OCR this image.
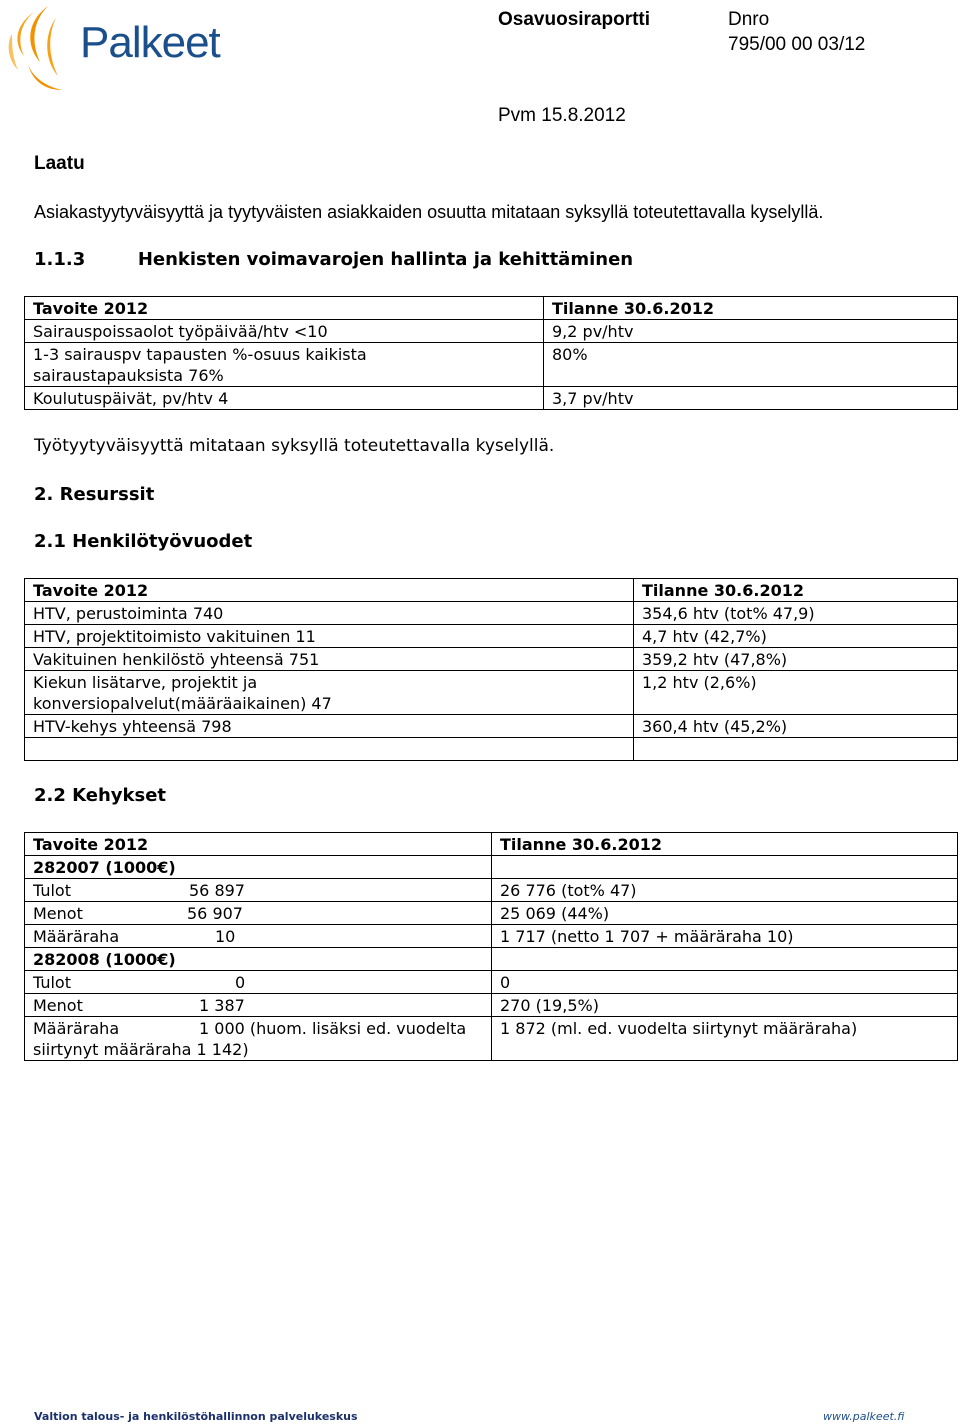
Palkeet	Osavuosiraportti	Dnro
795/00 00 03/12
Pvm 15.8.2012
Laatu
Asiakastyytyväisyyttä ja tyytyväisten asiakkaiden osuutta mitataan syksyllä toteutettavalla kyselyllä.
1.1.3	Henkisten voimavarojen hallinta ja kehittäminen
Tavoite 2012	Tilanne 30.6.2012
Sairauspoissaolot työpäivää/htv <10	9,2 pv/htv
1-3 sairauspv tapausten %-osuus kaikista sairaustapauksista 76%	80%
Koulutuspäivät, pv/htv 4	3,7 pv/htv
Työtyytyväisyyttä mitataan syksyllä toteutettavalla kyselyllä.
2. Resurssit
2.1 Henkilötyövuodet
Tavoite 2012	Tilanne 30.6.2012
HTV, perustoiminta 740	354,6 htv (tot% 47,9)
HTV, projektitoimisto vakituinen 11	4,7 htv (42,7%)
Vakituinen henkilöstö yhteensä 751	359,2 htv (47,8%)
Kiekun lisätarve, projektit ja konversiopalvelut(määräaikainen) 47	1,2 htv (2,6%)
HTV-kehys yhteensä 798	360,4 htv (45,2%)

2.2 Kehykset
Tavoite 2012	Tilanne 30.6.2012
282007 (1000€)	

Tulot 56 897	26 776 (tot% 47)

Menot 56 907	25 069 (44%)

Määräraha 10	1 717 (netto 1 707 + määräraha 10)
282008 (1000€)	

Tulot 0	0

Menot 1 387	270 (19,5%)

Määräraha 1 000 (huom. lisäksi ed. vuodelta
siirtynyt määräraha 1 142)	1 872 (ml. ed. vuodelta siirtynyt määräraha)
Valtion talous- ja henkilöstöhallinnon palvelukeskus	www.palkeet.fi
